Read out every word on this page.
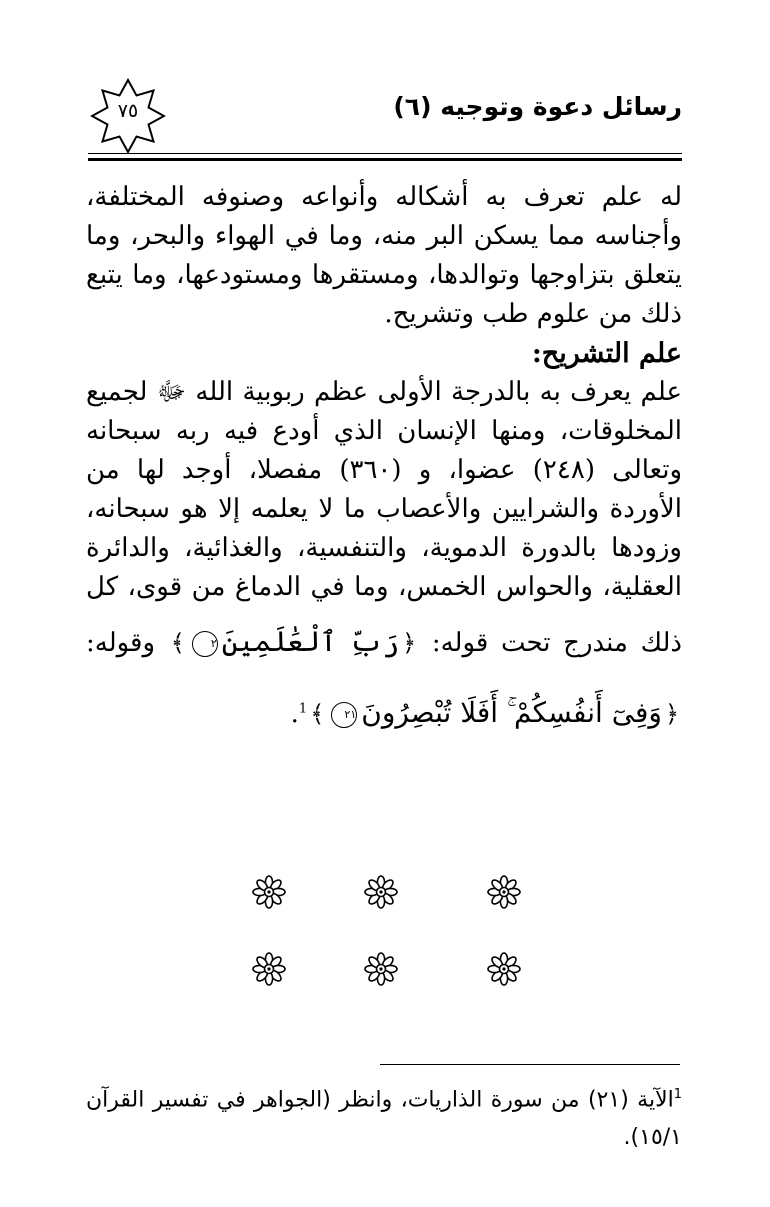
رسائل دعوة وتوجيه (٦)
٧٥

له علم تعرف به أشكاله وأنواعه وصنوفه المختلفة، وأجناسه مما يسكن البر منه، وما في الهواء والبحر، وما يتعلق بتزاوجها وتوالدها، ومستقرها ومستودعها، وما يتبع ذلك من علوم طب وتشريح.

علم التشريح:

علم يعرف به بالدرجة الأولى عظم ربوبية الله ﷻ لجميع المخلوقات، ومنها الإنسان الذي أودع فيه ربه سبحانه وتعالى (٢٤٨) عضوا، و (٣٦٠) مفصلا، أوجد لها من الأوردة والشرايين والأعصاب ما لا يعلمه إلا هو سبحانه، وزودها بالدورة الدموية، والتنفسية، والغذائية، والدائرة العقلية، والحواس الخمس، وما في الدماغ من قوى، كل ذلك مندرج تحت قوله: ﴿رَبِّ ٱلْعَٰلَمِينَ٢﴾ وقوله: ﴿وَفِىٓ أَنفُسِكُمْ ۚ أَفَلَا تُبْصِرُونَ٢١﴾$^1$.

$^1$الآية (٢١) من سورة الذاريات، وانظر (الجواهر في تفسير القرآن ١٥/١).
